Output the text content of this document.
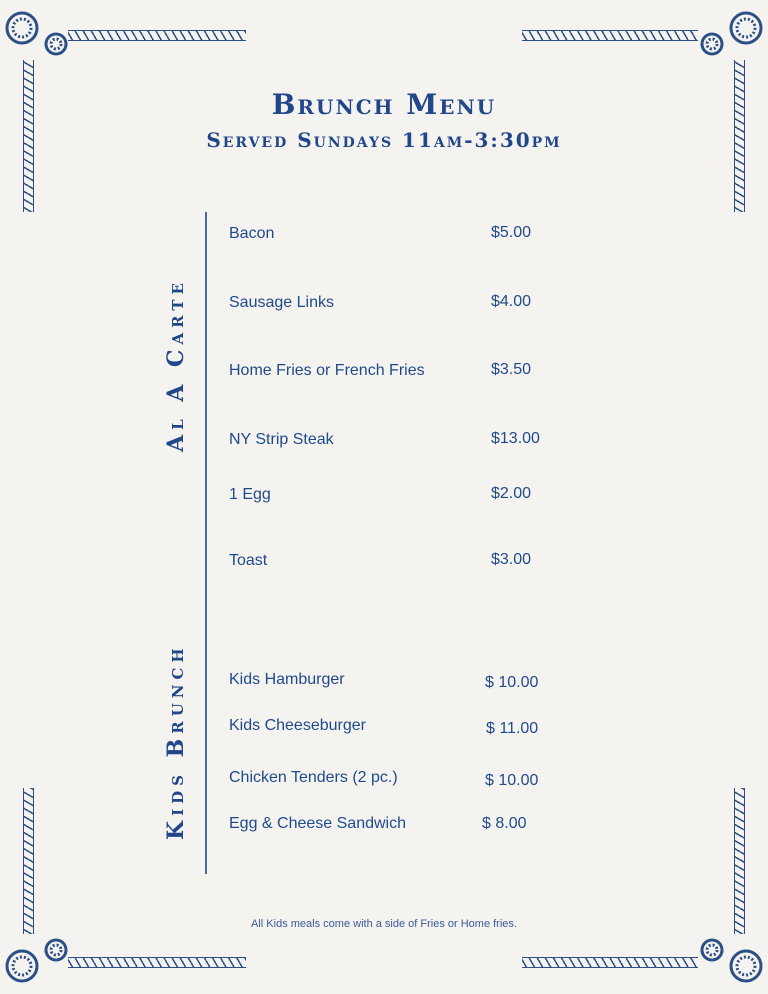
Brunch Menu
Served Sundays 11am-3:30pm
Al A Carte
Kids Brunch
Bacon	$5.00
Sausage Links	$4.00
Home Fries or French Fries	$3.50
NY Strip Steak	$13.00
1 Egg	$2.00
Toast	$3.00
Kids Hamburger	$ 10.00
Kids Cheeseburger	$ 11.00
Chicken Tenders (2 pc.)	$ 10.00
Egg & Cheese Sandwich	$ 8.00
All Kids meals come with a side of Fries or Home fries.
